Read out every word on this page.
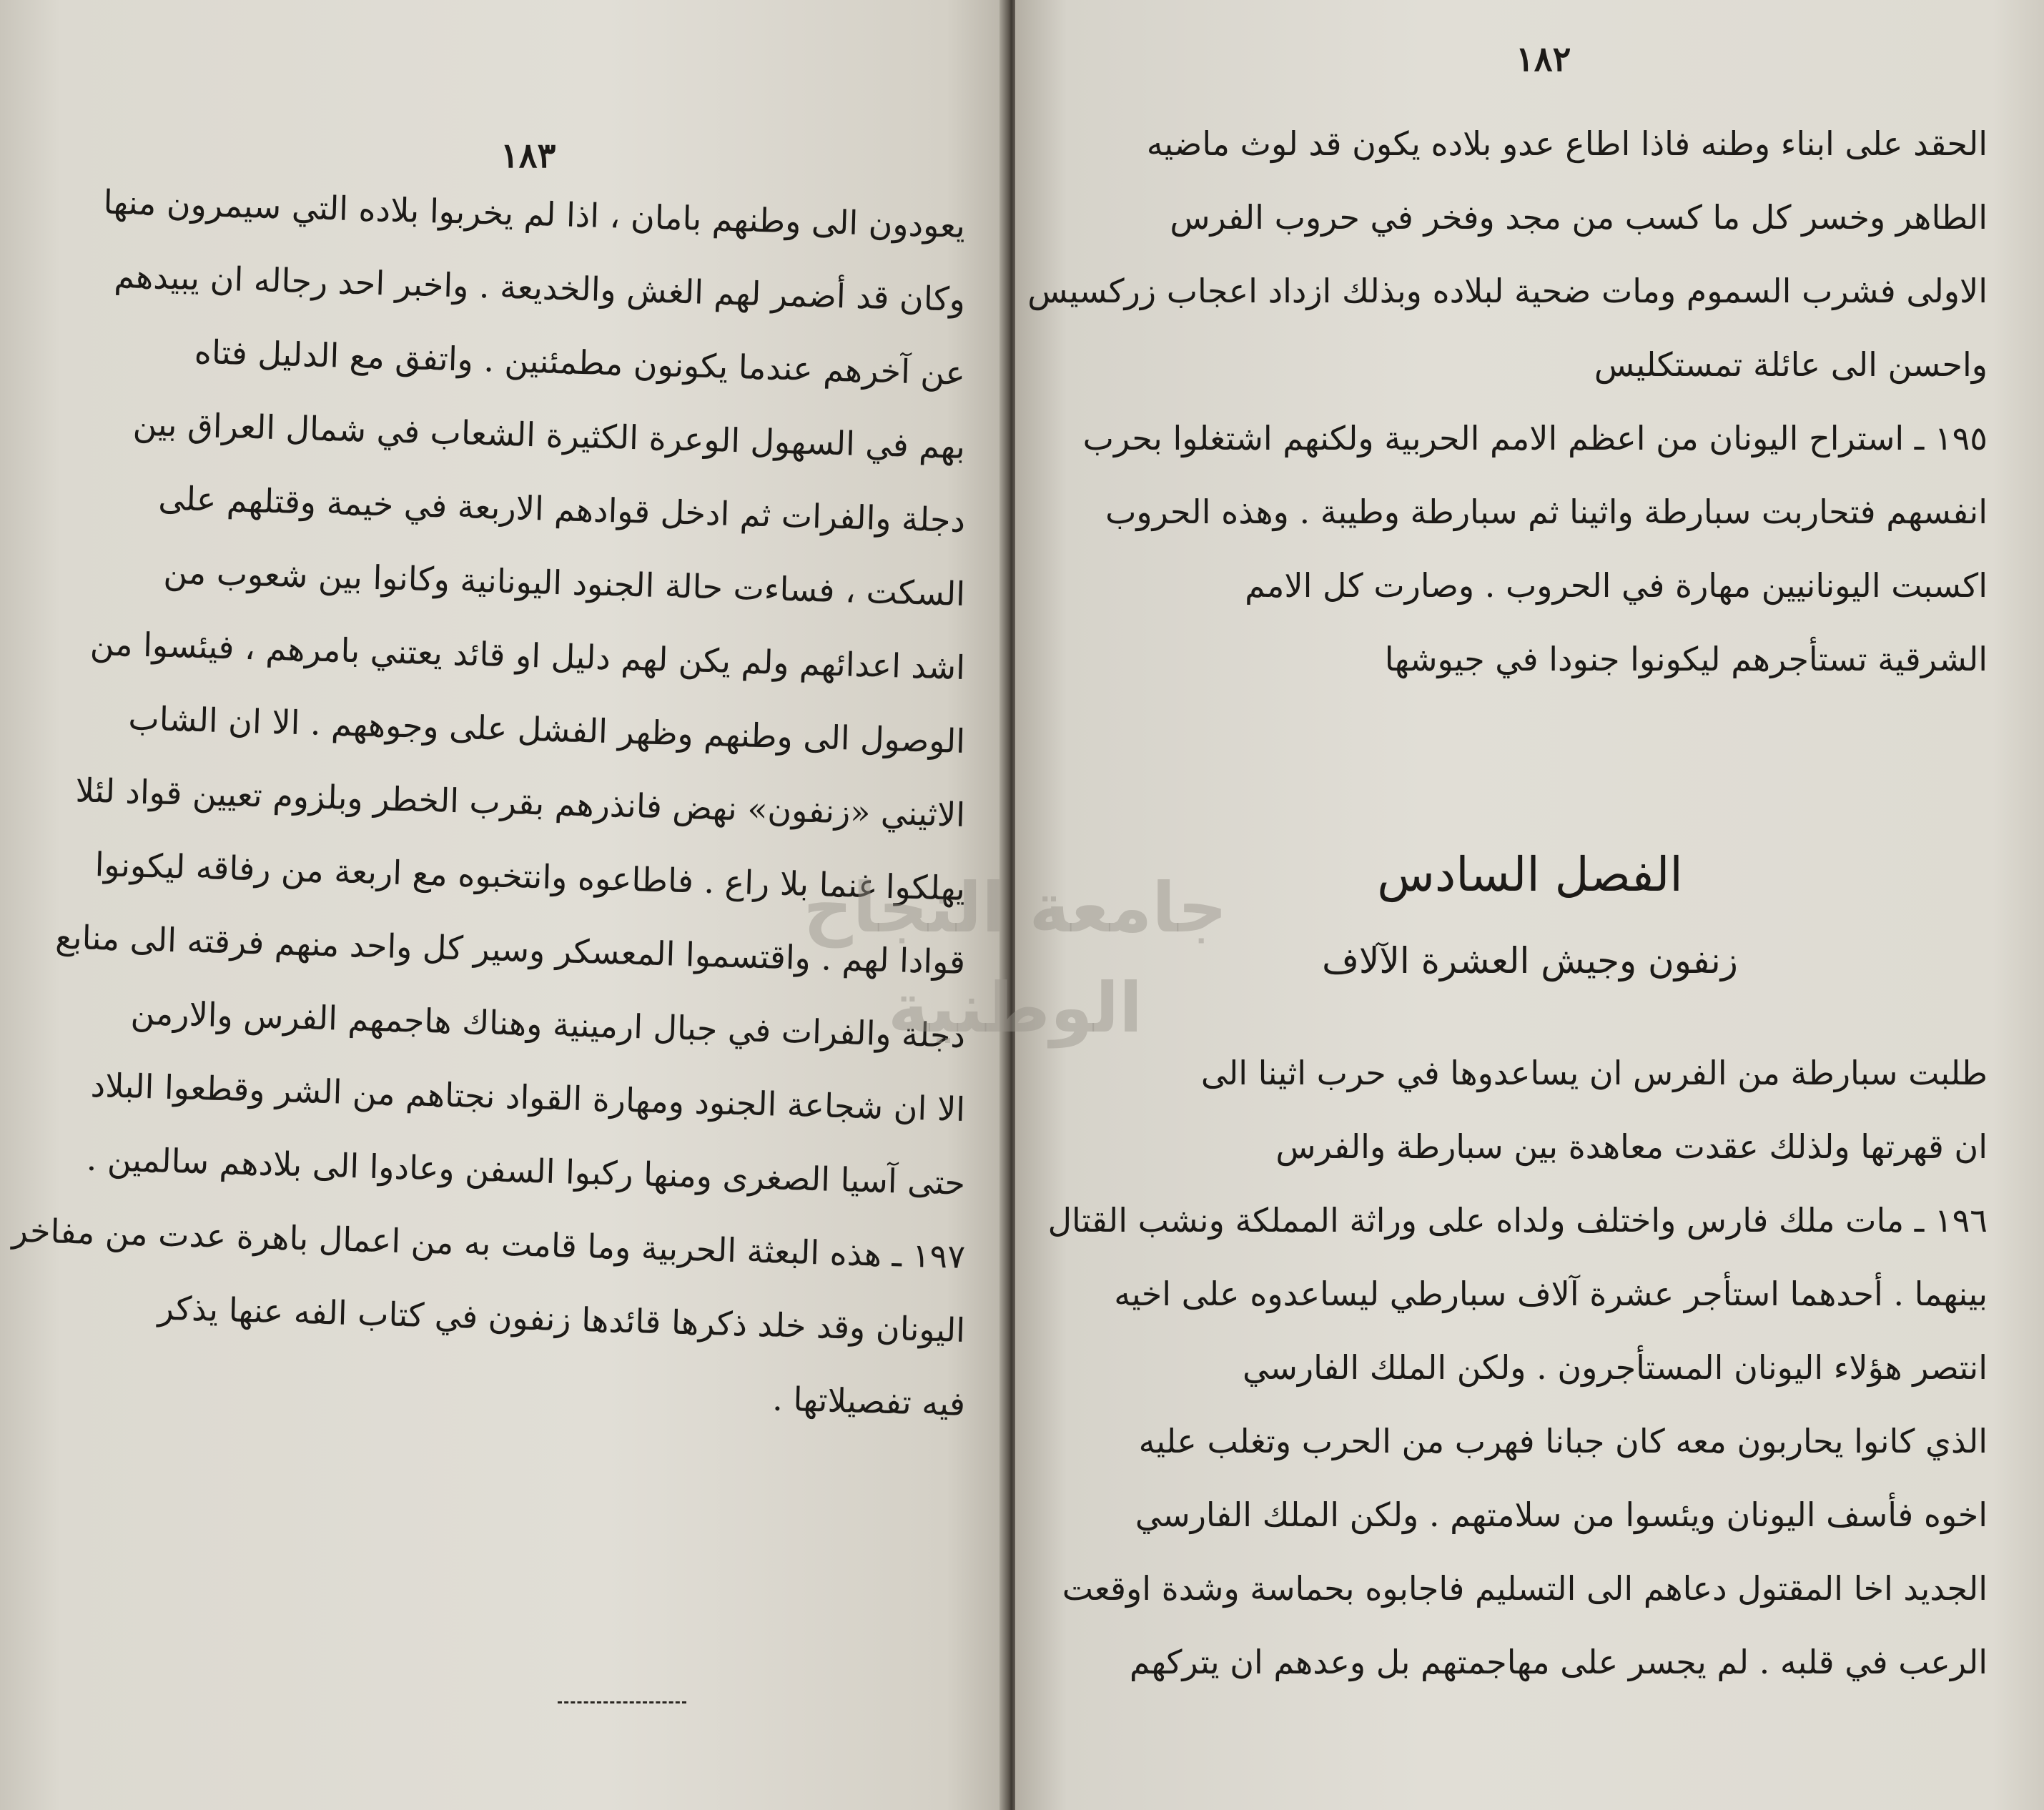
١٨٣
يعودون الى وطنهم بامان ، اذا لم يخربوا بلاده التي سيمرون منها
وكان قد أضمر لهم الغش والخديعة . واخبر احد رجاله ان يبيدهم
عن آخرهم عندما يكونون مطمئنين . واتفق مع الدليل فتاه
بهم في السهول الوعرة الكثيرة الشعاب في شمال العراق بين
دجلة والفرات ثم ادخل قوادهم الاربعة في خيمة وقتلهم على
السكت ، فساءت حالة الجنود اليونانية وكانوا بين شعوب من
اشد اعدائهم ولم يكن لهم دليل او قائد يعتني بامرهم ، فيئسوا من
الوصول الى وطنهم وظهر الفشل على وجوههم . الا ان الشاب
الاثيني «زنفون» نهض فانذرهم بقرب الخطر وبلزوم تعيين قواد لئلا
يهلكوا غنما بلا راع . فاطاعوه وانتخبوه مع اربعة من رفاقه ليكونوا
قوادا لهم . واقتسموا المعسكر وسير كل واحد منهم فرقته الى منابع
دجلة والفرات في جبال ارمينية وهناك هاجمهم الفرس والارمن
الا ان شجاعة الجنود ومهارة القواد نجتاهم من الشر وقطعوا البلاد
حتى آسيا الصغرى ومنها ركبوا السفن وعادوا الى بلادهم سالمين .
١٩٧ ـ هذه البعثة الحربية وما قامت به من اعمال باهرة عدت من مفاخر
اليونان وقد خلد ذكرها قائدها زنفون في كتاب الفه عنها يذكر
فيه تفصيلاتها .
١٨٢
الحقد على ابناء وطنه فاذا اطاع عدو بلاده يكون قد لوث ماضيه
الطاهر وخسر كل ما كسب من مجد وفخر في حروب الفرس
الاولى فشرب السموم ومات ضحية لبلاده وبذلك ازداد اعجاب زركسيس
واحسن الى عائلة تمستكليس
١٩٥ ـ استراح اليونان من اعظم الامم الحربية ولكنهم اشتغلوا بحرب
انفسهم فتحاربت سبارطة واثينا ثم سبارطة وطيبة . وهذه الحروب
اكسبت اليونانيين مهارة في الحروب . وصارت كل الامم
الشرقية تستأجرهم ليكونوا جنودا في جيوشها
الفصل السادس
زنفون وجيش العشرة الآلاف
طلبت سبارطة من الفرس ان يساعدوها في حرب اثينا الى
ان قهرتها ولذلك عقدت معاهدة بين سبارطة والفرس
١٩٦ ـ مات ملك فارس واختلف ولداه على وراثة المملكة ونشب القتال
بينهما . أحدهما استأجر عشرة آلاف سبارطي ليساعدوه على اخيه
انتصر هؤلاء اليونان المستأجرون . ولكن الملك الفارسي
الذي كانوا يحاربون معه كان جبانا فهرب من الحرب وتغلب عليه
اخوه فأسف اليونان ويئسوا من سلامتهم . ولكن الملك الفارسي
الجديد اخا المقتول دعاهم الى التسليم فاجابوه بحماسة وشدة اوقعت
الرعب في قلبه . لم يجسر على مهاجمتهم بل وعدهم ان يتركهم
جامعة النجاح الوطنية
